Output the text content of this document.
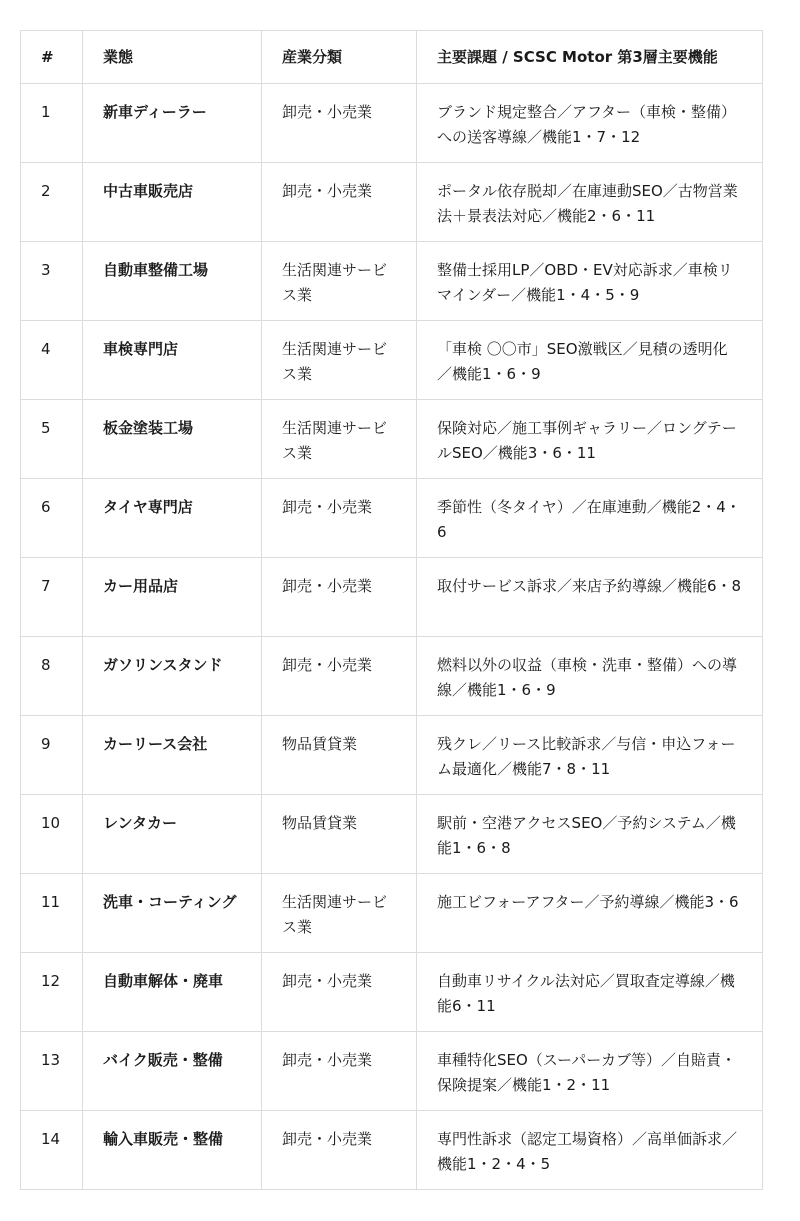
#	業態	産業分類	主要課題 / SCSC Motor 第3層主要機能
1	新車ディーラー	卸売・小売業	ブランド規定整合／アフター（車検・整備）への送客導線／機能1・7・12
2	中古車販売店	卸売・小売業	ポータル依存脱却／在庫連動SEO／古物営業法＋景表法対応／機能2・6・11
3	自動車整備工場	生活関連サービス業	整備士採用LP／OBD・EV対応訴求／車検リマインダー／機能1・4・5・9
4	車検専門店	生活関連サービス業	「車検 〇〇市」SEO激戦区／見積の透明化／機能1・6・9
5	板金塗装工場	生活関連サービス業	保険対応／施工事例ギャラリー／ロングテールSEO／機能3・6・11
6	タイヤ専門店	卸売・小売業	季節性（冬タイヤ）／在庫連動／機能2・4・6
7	カー用品店	卸売・小売業	取付サービス訴求／来店予約導線／機能6・8
8	ガソリンスタンド	卸売・小売業	燃料以外の収益（車検・洗車・整備）への導線／機能1・6・9
9	カーリース会社	物品賃貸業	残クレ／リース比較訴求／与信・申込フォーム最適化／機能7・8・11
10	レンタカー	物品賃貸業	駅前・空港アクセスSEO／予約システム／機能1・6・8
11	洗車・コーティング	生活関連サービス業	施工ビフォーアフター／予約導線／機能3・6
12	自動車解体・廃車	卸売・小売業	自動車リサイクル法対応／買取査定導線／機能6・11
13	バイク販売・整備	卸売・小売業	車種特化SEO（スーパーカブ等）／自賠責・保険提案／機能1・2・11
14	輸入車販売・整備	卸売・小売業	専門性訴求（認定工場資格）／高単価訴求／機能1・2・4・5
